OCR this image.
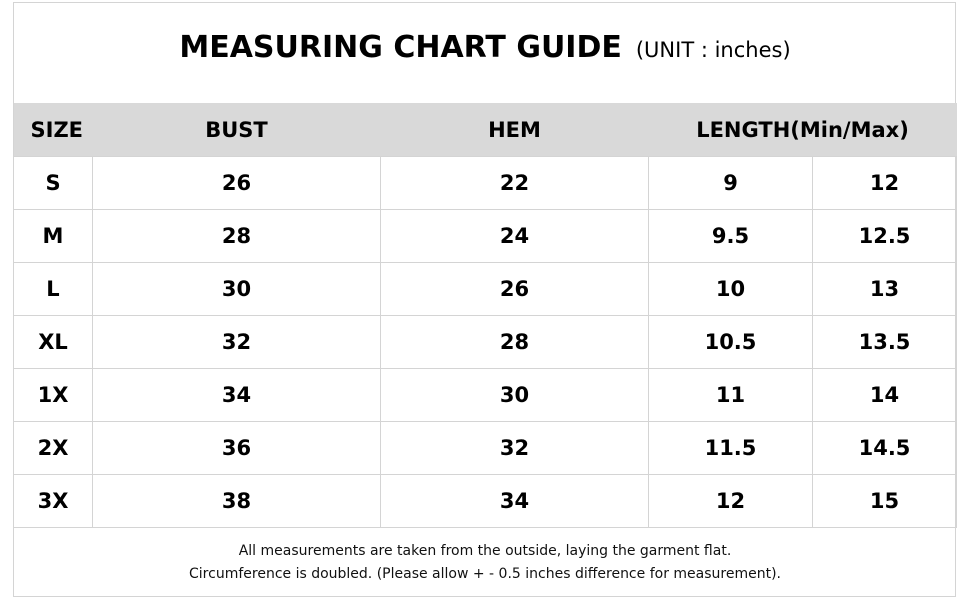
MEASURING CHART GUIDE (UNIT : inches)
SIZE	BUST	HEM	LENGTH(Min/Max)	
S	26	22	9	12
M	28	24	9.5	12.5
L	30	26	10	13
XL	32	28	10.5	13.5
1X	34	30	11	14
2X	36	32	11.5	14.5
3X	38	34	12	15
All measurements are taken from the outside, laying the garment flat.
Circumference is doubled. (Please allow + - 0.5 inches difference for measurement).
